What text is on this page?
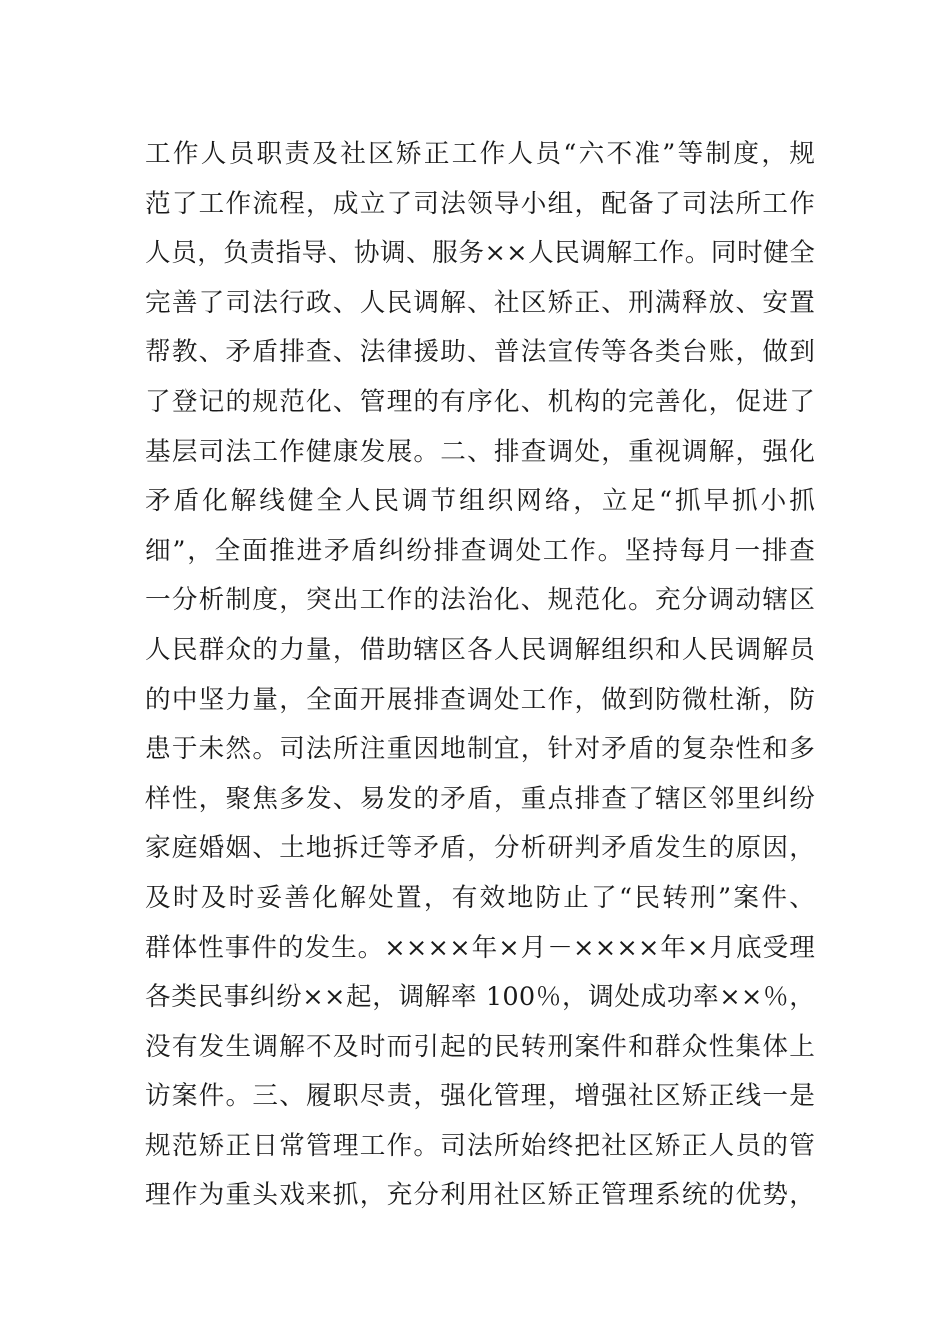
工作人员职责及社区矫正工作人员“六不准”等制度，规
范了工作流程，成立了司法领导小组，配备了司法所工作
人员，负责指导、协调、服务××人民调解工作。同时健全
完善了司法行政、人民调解、社区矫正、刑满释放、安置
帮教、矛盾排查、法律援助、普法宣传等各类台账，做到
了登记的规范化、管理的有序化、机构的完善化，促进了
基层司法工作健康发展。二、排查调处，重视调解，强化
矛盾化解线健全人民调节组织网络，立足“抓早抓小抓
细”，全面推进矛盾纠纷排查调处工作。坚持每月一排查
一分析制度，突出工作的法治化、规范化。充分调动辖区
人民群众的力量，借助辖区各人民调解组织和人民调解员
的中坚力量，全面开展排查调处工作，做到防微杜渐，防
患于未然。司法所注重因地制宜，针对矛盾的复杂性和多
样性，聚焦多发、易发的矛盾，重点排查了辖区邻里纠纷
家庭婚姻、土地拆迁等矛盾，分析研判矛盾发生的原因，
及时及时妥善化解处置，有效地防止了“民转刑”案件、
群体性事件的发生。××××年×月－××××年×月底受理
各类民事纠纷××起，调解率 100％，调处成功率××％，
没有发生调解不及时而引起的民转刑案件和群众性集体上
访案件。三、履职尽责，强化管理，增强社区矫正线一是
规范矫正日常管理工作。司法所始终把社区矫正人员的管
理作为重头戏来抓，充分利用社区矫正管理系统的优势，
